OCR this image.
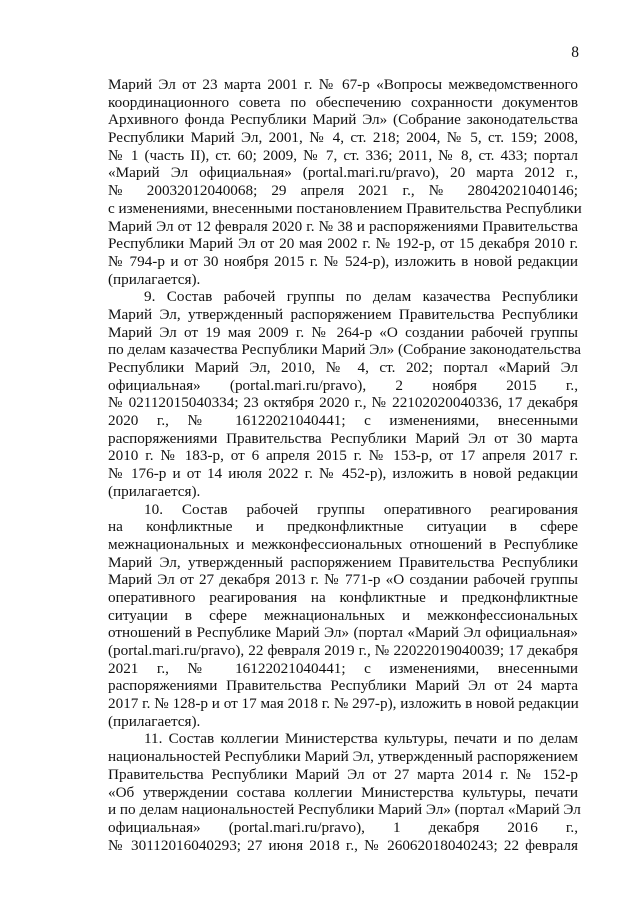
8
Марий Эл от 23 марта 2001 г. № 67-р «Вопросы межведомственного
координационного совета по обеспечению сохранности документов
Архивного фонда Республики Марий Эл» (Собрание законодательства
Республики Марий Эл, 2001, № 4, ст. 218; 2004, № 5, ст. 159; 2008,
№ 1 (часть II), ст. 60; 2009, № 7, ст. 336; 2011, № 8, ст. 433; портал
«Марий Эл официальная» (portal.mari.ru/pravo), 20 марта 2012 г.,
№ 20032012040068; 29 апреля 2021 г., № 28042021040146;
с изменениями, внесенными постановлением Правительства Республики
Марий Эл от 12 февраля 2020 г. № 38 и распоряжениями Правительства
Республики Марий Эл от 20 мая 2002 г. № 192-р, от 15 декабря 2010 г.
№ 794-р и от 30 ноября 2015 г. № 524-р), изложить в новой редакции
(прилагается).
9. Состав рабочей группы по делам казачества Республики
Марий Эл, утвержденный распоряжением Правительства Республики
Марий Эл от 19 мая 2009 г. № 264-р «О создании рабочей группы
по делам казачества Республики Марий Эл» (Собрание законодательства
Республики Марий Эл, 2010, № 4, ст. 202; портал «Марий Эл
официальная» (portal.mari.ru/pravo), 2 ноября 2015 г.,
№ 02112015040334; 23 октября 2020 г., № 22102020040336, 17 декабря
2020 г., № 16122021040441; с изменениями, внесенными
распоряжениями Правительства Республики Марий Эл от 30 марта
2010 г. № 183-р, от 6 апреля 2015 г. № 153-р, от 17 апреля 2017 г.
№ 176-р и от 14 июля 2022 г. № 452-р), изложить в новой редакции
(прилагается).
10. Состав рабочей группы оперативного реагирования
на конфликтные и предконфликтные ситуации в сфере
межнациональных и межконфессиональных отношений в Республике
Марий Эл, утвержденный распоряжением Правительства Республики
Марий Эл от 27 декабря 2013 г. № 771-р «О создании рабочей группы
оперативного реагирования на конфликтные и предконфликтные
ситуации в сфере межнациональных и межконфессиональных
отношений в Республике Марий Эл» (портал «Марий Эл официальная»
(portal.mari.ru/pravo), 22 февраля 2019 г., № 22022019040039; 17 декабря
2021 г., № 16122021040441; с изменениями, внесенными
распоряжениями Правительства Республики Марий Эл от 24 марта
2017 г. № 128-р и от 17 мая 2018 г. № 297-р), изложить в новой редакции
(прилагается).
11. Состав коллегии Министерства культуры, печати и по делам
национальностей Республики Марий Эл, утвержденный распоряжением
Правительства Республики Марий Эл от 27 марта 2014 г. № 152-р
«Об утверждении состава коллегии Министерства культуры, печати
и по делам национальностей Республики Марий Эл» (портал «Марий Эл
официальная» (portal.mari.ru/pravo), 1 декабря 2016 г.,
№ 30112016040293; 27 июня 2018 г., № 26062018040243; 22 февраля
